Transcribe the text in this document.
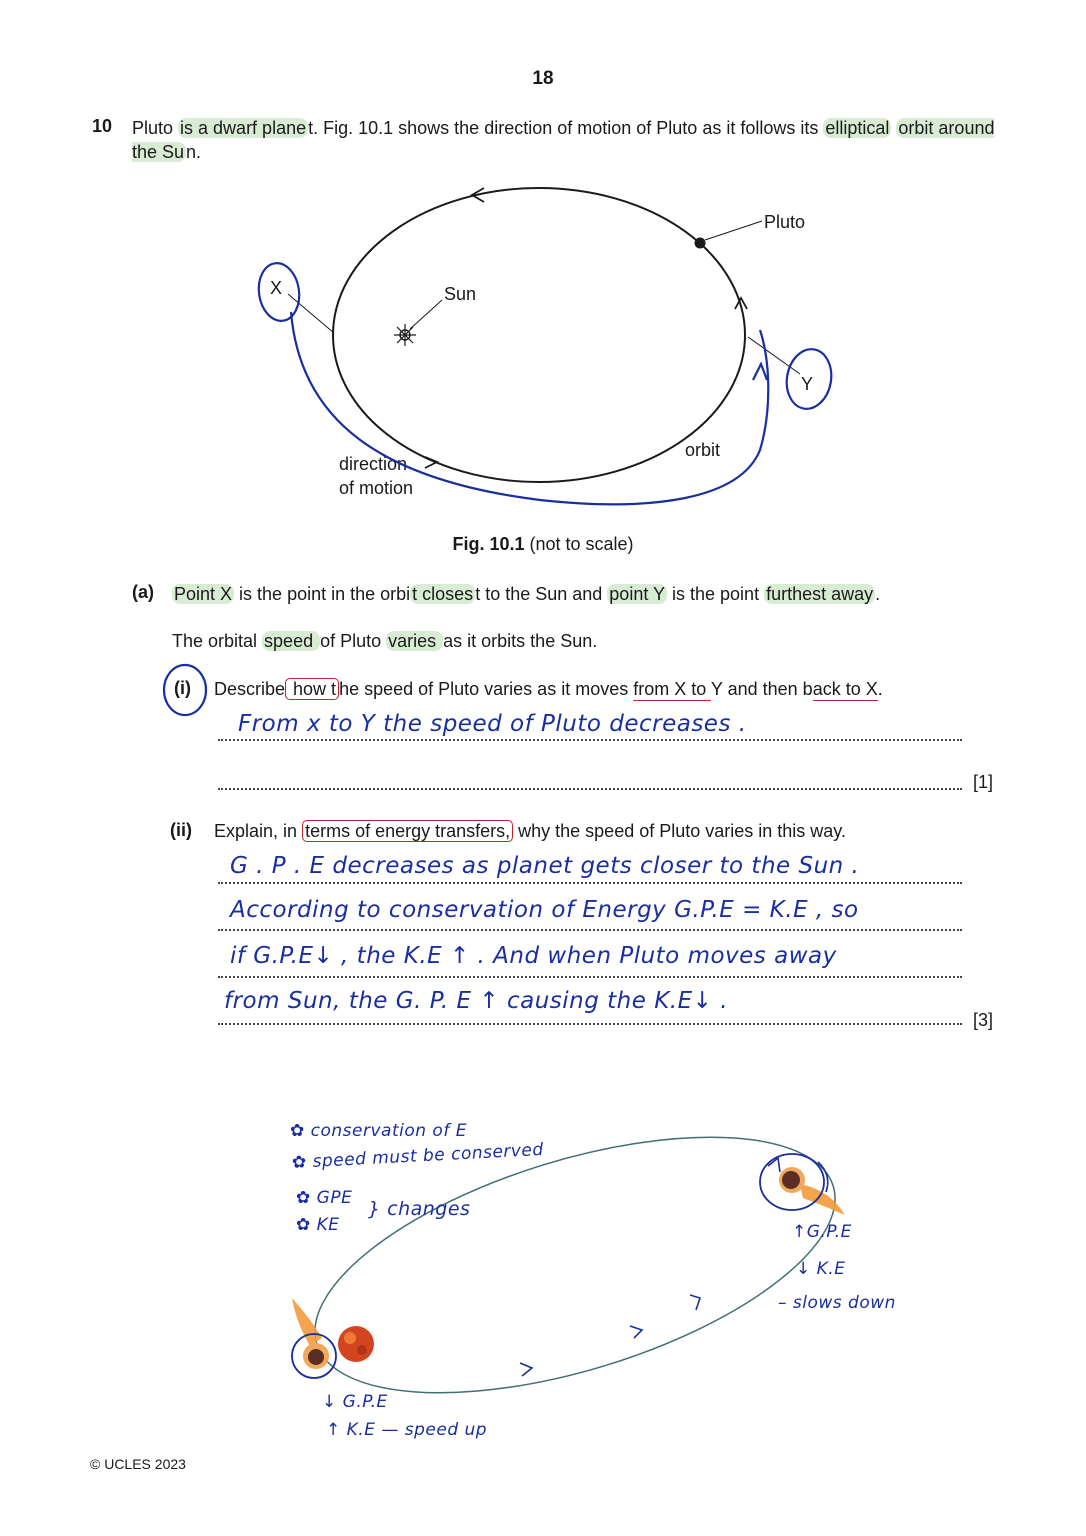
18
10 Pluto is a dwarf plane t. Fig. 10.1 shows the direction of motion of Pluto as it follows its elliptical orbit around the Su n.
Pluto
Sun
X
Y
orbit
direction
of motion
Fig. 10.1 (not to scale)
(a) Point X is the point in the orbi t closes t to the Sun and point Y is the point furthest away .
The orbital speed of Pluto varies as it orbits the Sun.
(i) Describe how t he speed of Pluto varies as it moves from X to Y and then back to X.
From x to Y the speed of Pluto decreases .
[1]
(ii) Explain, in terms of energy transfers, why the speed of Pluto varies in this way.
G . P . E decreases as planet gets closer to the Sun .
According to conservation of Energy G.P.E = K.E , so
if G.P.E↓ , the K.E ↑ . And when Pluto moves away
from Sun, the G. P. E ↑ causing the K.E↓ .
[3]
✿ conservation of E
✿ speed must be conserved
✿ GPE
✿ KE
} changes
↑G.P.E
↓ K.E
– slows down
↓ G.P.E
↑ K.E — speed up
© UCLES 2023
